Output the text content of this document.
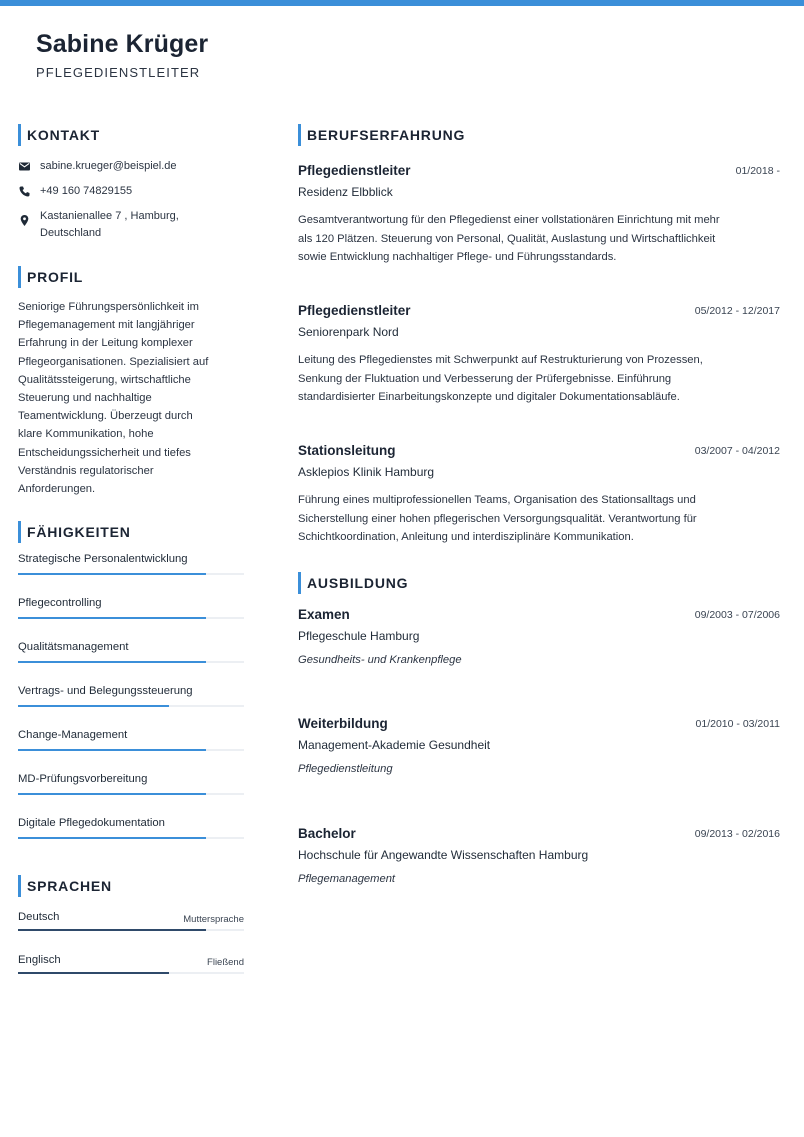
Sabine Krüger
PFLEGEDIENSTLEITER
KONTAKT
sabine.krueger@beispiel.de
+49 160 74829155
Kastanienallee 7 , Hamburg,
Deutschland
PROFIL
Seniorige Führungspersönlichkeit im
Pflegemanagement mit langjähriger
Erfahrung in der Leitung komplexer
Pflegeorganisationen. Spezialisiert auf
Qualitätssteigerung, wirtschaftliche
Steuerung und nachhaltige
Teamentwicklung. Überzeugt durch
klare Kommunikation, hohe
Entscheidungssicherheit und tiefes
Verständnis regulatorischer
Anforderungen.
FÄHIGKEITEN
Strategische Personalentwicklung
Pflegecontrolling
Qualitätsmanagement
Vertrags- und Belegungssteuerung
Change-Management
MD-Prüfungsvorbereitung
Digitale Pflegedokumentation
SPRACHEN
Deutsch	Muttersprache
Englisch	Fließend
BERUFSERFAHRUNG
Pflegedienstleiter	01/2018 -
Residenz Elbblick
Gesamtverantwortung für den Pflegedienst einer vollstationären Einrichtung mit mehr
als 120 Plätzen. Steuerung von Personal, Qualität, Auslastung und Wirtschaftlichkeit
sowie Entwicklung nachhaltiger Pflege- und Führungsstandards.
Pflegedienstleiter	05/2012 - 12/2017
Seniorenpark Nord
Leitung des Pflegedienstes mit Schwerpunkt auf Restrukturierung von Prozessen,
Senkung der Fluktuation und Verbesserung der Prüfergebnisse. Einführung
standardisierter Einarbeitungskonzepte und digitaler Dokumentationsabläufe.
Stationsleitung	03/2007 - 04/2012
Asklepios Klinik Hamburg
Führung eines multiprofessionellen Teams, Organisation des Stationsalltags und
Sicherstellung einer hohen pflegerischen Versorgungsqualität. Verantwortung für
Schichtkoordination, Anleitung und interdisziplinäre Kommunikation.
AUSBILDUNG
Examen	09/2003 - 07/2006
Pflegeschule Hamburg
Gesundheits- und Krankenpflege
Weiterbildung	01/2010 - 03/2011
Management-Akademie Gesundheit
Pflegedienstleitung
Bachelor	09/2013 - 02/2016
Hochschule für Angewandte Wissenschaften Hamburg
Pflegemanagement
